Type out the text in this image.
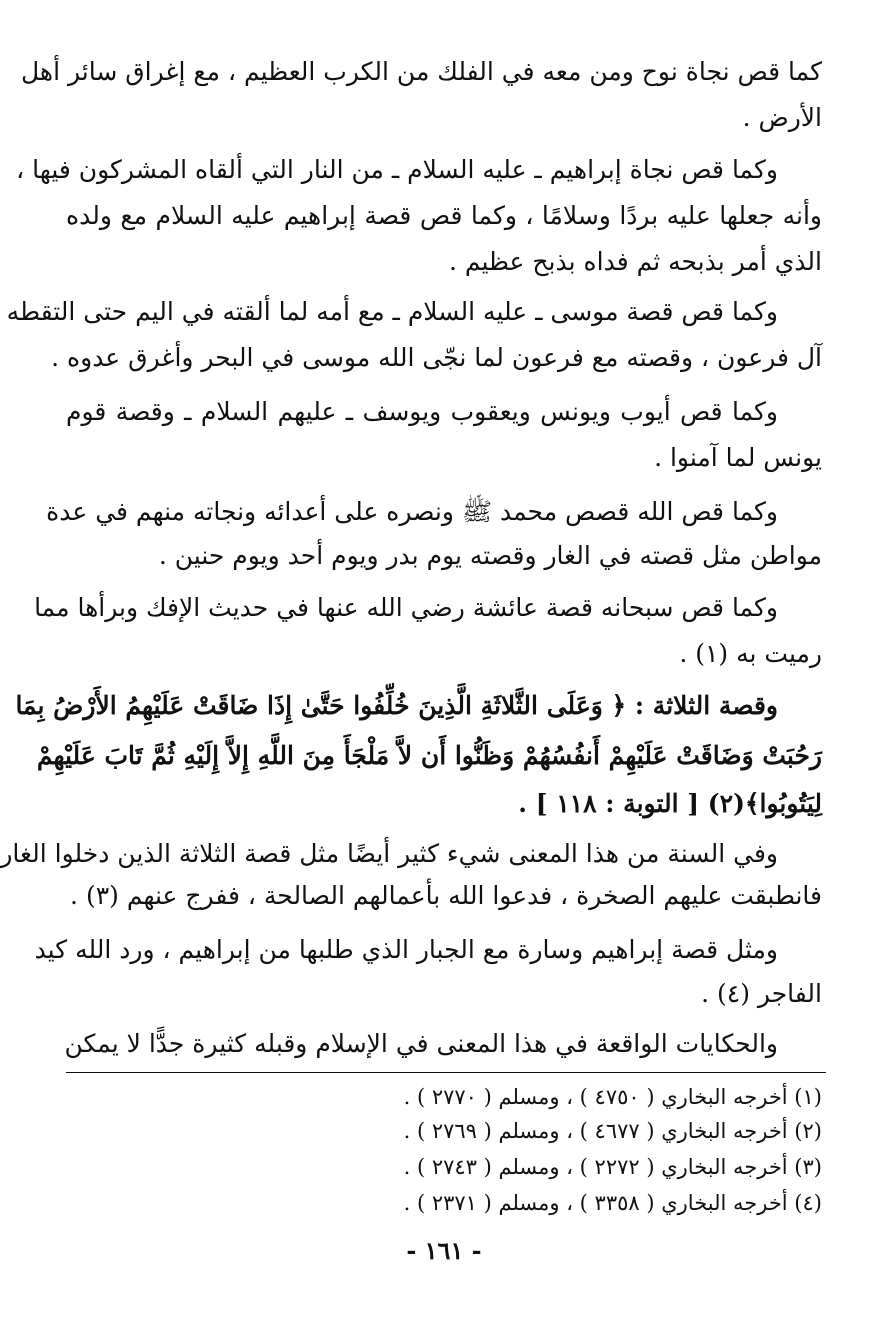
كما قص نجاة نوح ومن معه في الفلك من الكرب العظيم ، مع إغراق سائر أهل
الأرض .
وكما قص نجاة إبراهيم ـ عليه السلام ـ من النار التي ألقاه المشركون فيها ،
وأنه جعلها عليه بردًا وسلامًا ، وكما قص قصة إبراهيم عليه السلام مع ولده
الذي أمر بذبحه ثم فداه بذبح عظيم .
وكما قص قصة موسى ـ عليه السلام ـ مع أمه لما ألقته في اليم حتى التقطه
آل فرعون ، وقصته مع فرعون لما نجّى الله موسى في البحر وأغرق عدوه .
وكما قص أيوب ويونس ويعقوب ويوسف ـ عليهم السلام ـ وقصة قوم
يونس لما آمنوا .
وكما قص الله قصص محمد ﷺ ونصره على أعدائه ونجاته منهم في عدة
مواطن مثل قصته في الغار وقصته يوم بدر ويوم أحد ويوم حنين .
وكما قص سبحانه قصة عائشة رضي الله عنها في حديث الإفك وبرأها مما
رميت به (١) .
وقصة الثلاثة : ﴿ وَعَلَى الثَّلاثَةِ الَّذِينَ خُلِّفُوا حَتَّىٰ إِذَا ضَاقَتْ عَلَيْهِمُ الأَرْضُ بِمَا
رَحُبَتْ وَضَاقَتْ عَلَيْهِمْ أَنفُسُهُمْ وَظَنُّوا أَن لاَّ مَلْجَأَ مِنَ اللَّهِ إِلاَّ إِلَيْهِ ثُمَّ تَابَ عَلَيْهِمْ
لِيَتُوبُوا﴾(٢) [ التوبة : ١١٨ ] .
وفي السنة من هذا المعنى شيء كثير أيضًا مثل قصة الثلاثة الذين دخلوا الغار
فانطبقت عليهم الصخرة ، فدعوا الله بأعمالهم الصالحة ، ففرج عنهم (٣) .
ومثل قصة إبراهيم وسارة مع الجبار الذي طلبها من إبراهيم ، ورد الله كيد
الفاجر (٤) .
والحكايات الواقعة في هذا المعنى في الإسلام وقبله كثيرة جدًّا لا يمكن
(١) أخرجه البخاري ( ٤٧٥٠ ) ، ومسلم ( ٢٧٧٠ ) .
(٢) أخرجه البخاري ( ٤٦٧٧ ) ، ومسلم ( ٢٧٦٩ ) .
(٣) أخرجه البخاري ( ٢٢٧٢ ) ، ومسلم ( ٢٧٤٣ ) .
(٤) أخرجه البخاري ( ٣٣٥٨ ) ، ومسلم ( ٢٣٧١ ) .
- ١٦١ -
